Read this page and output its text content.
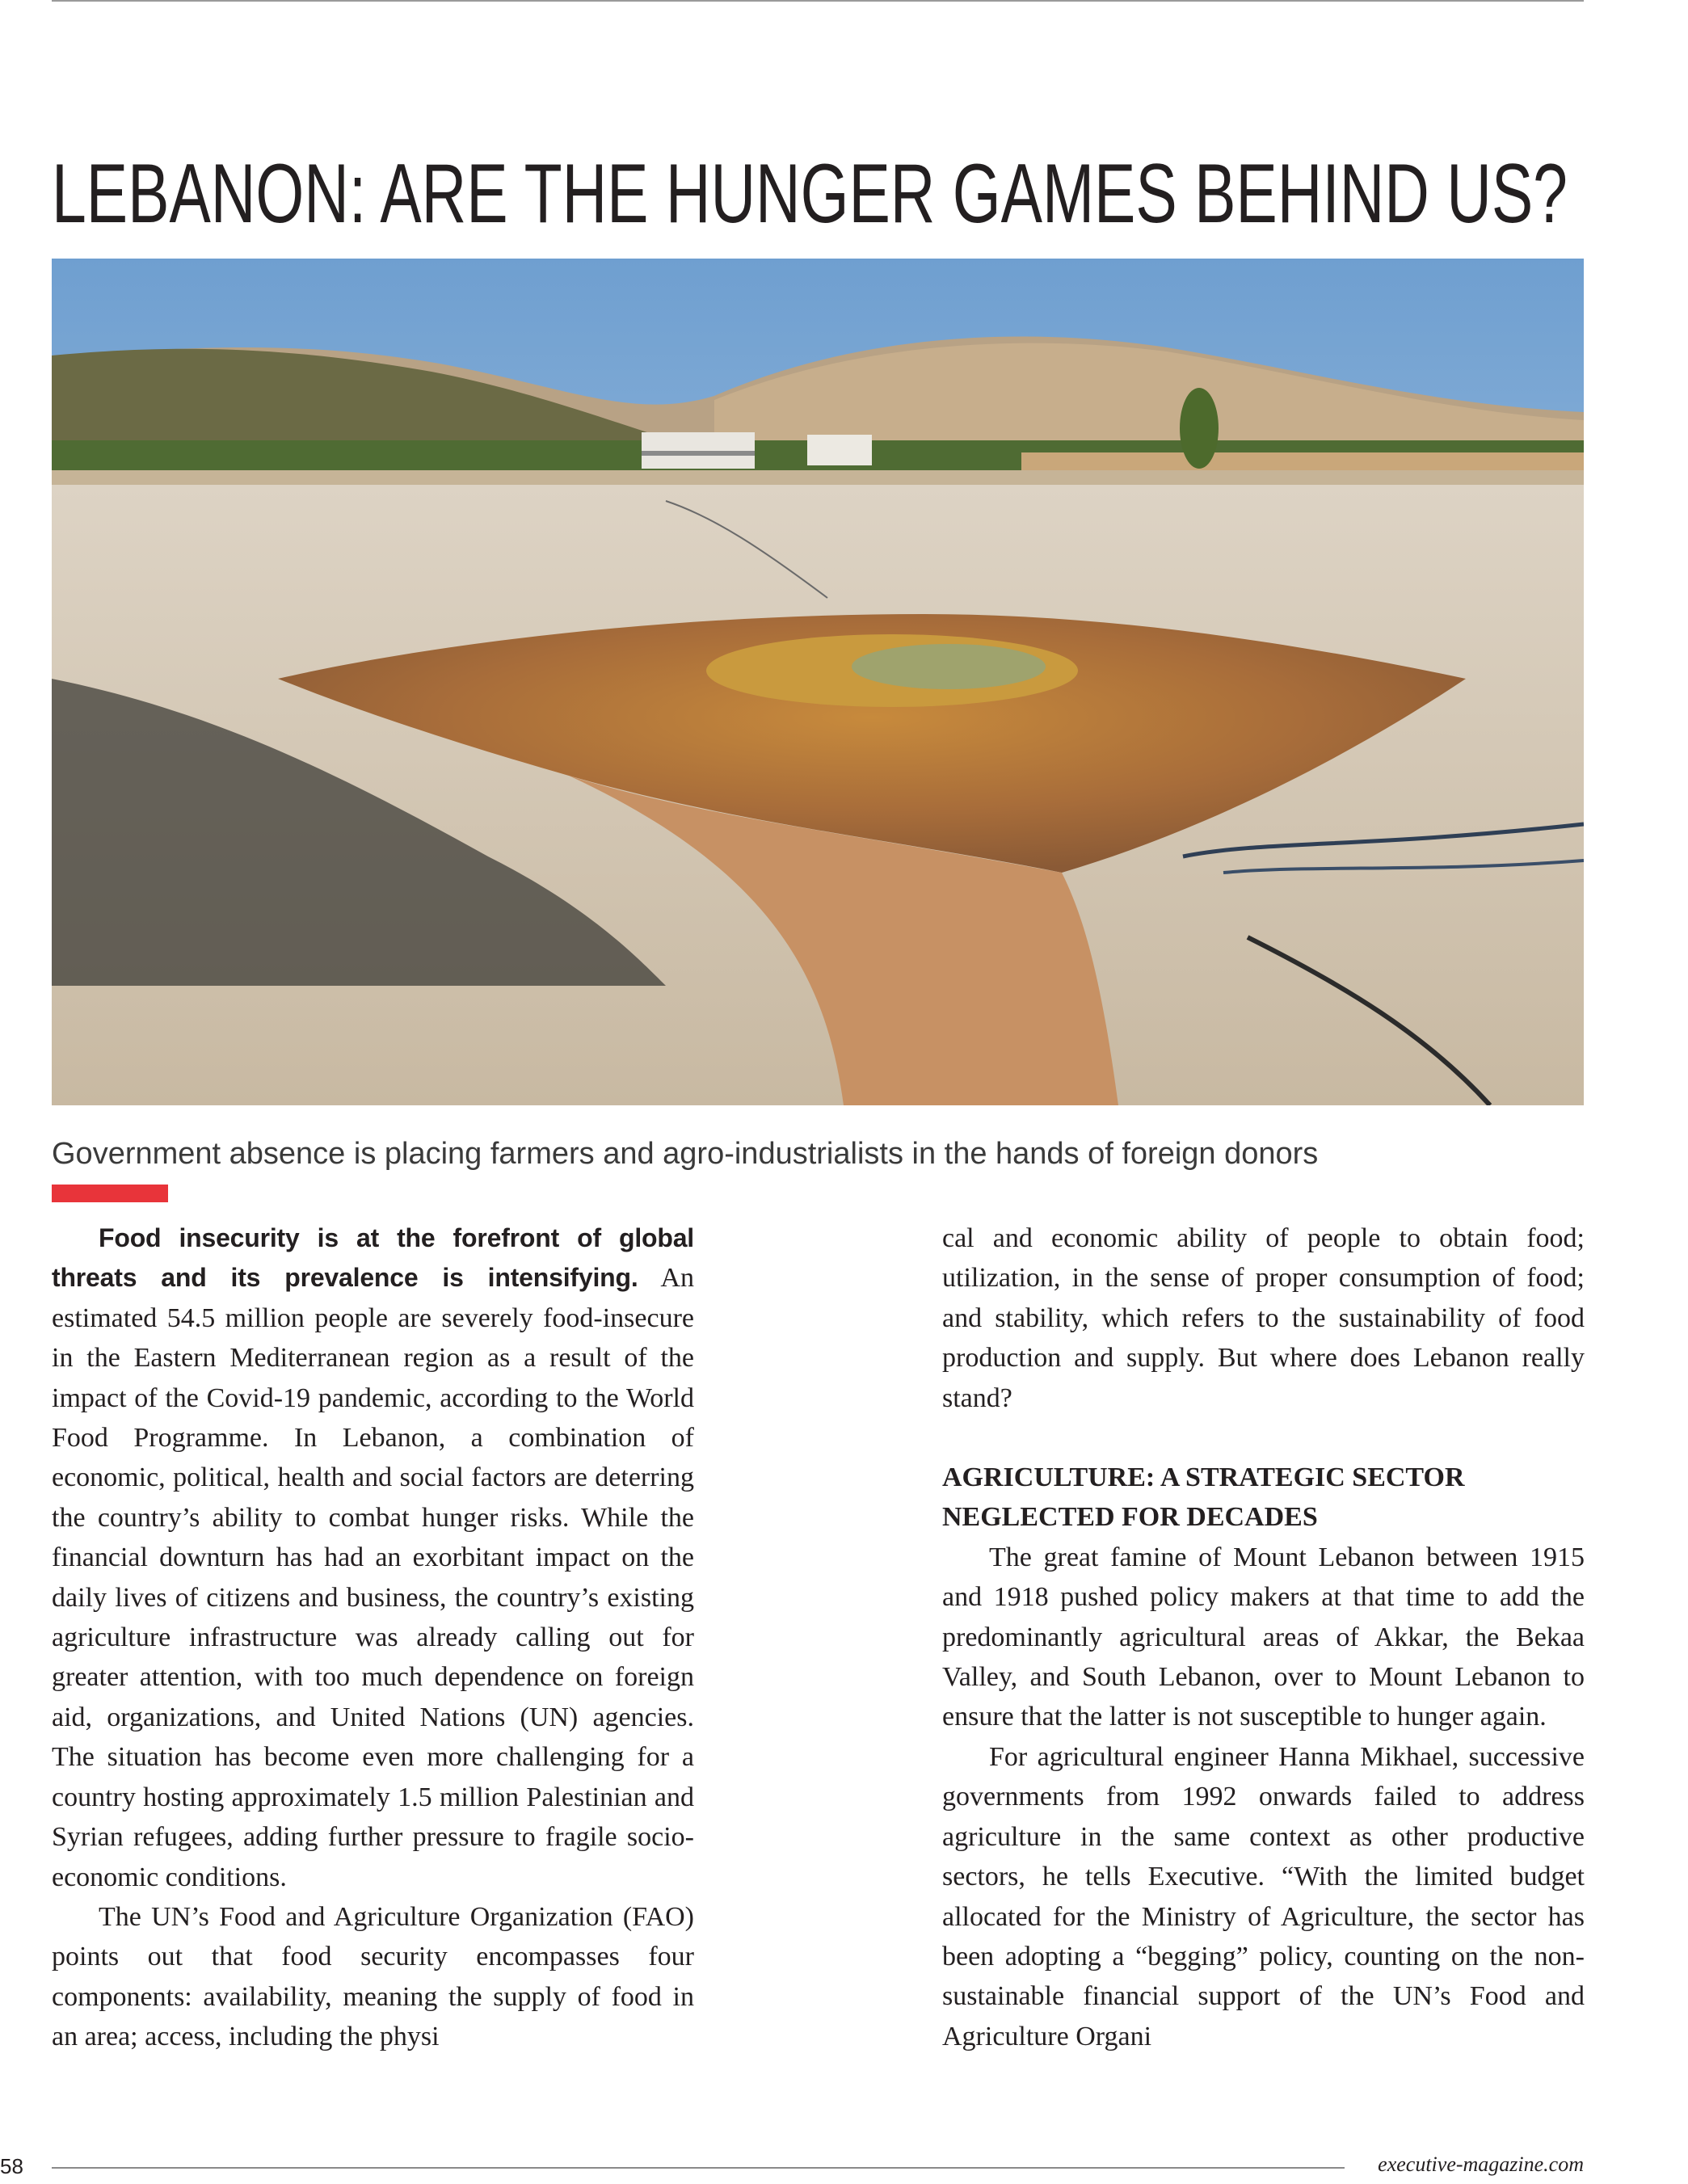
LEBANON: ARE THE HUNGER GAMES BEHIND US?

Government absence is placing farmers and agro-industrialists in the hands of foreign donors

Food insecurity is at the forefront of global threats and its prevalence is intensifying. An estimated 54.5 million people are severely food-insecure in the Eastern Mediterranean region as a result of the impact of the Covid-19 pandemic, according to the World Food Programme. In Lebanon, a combination of economic, political, health and social factors are deterring the country’s ability to combat hunger risks. While the financial downturn has had an exorbitant impact on the daily lives of citizens and business, the country’s existing agriculture infrastructure was already calling out for greater attention, with too much dependence on foreign aid, organizations, and United Nations (UN) agencies. The situation has become even more challenging for a country hosting approximately 1.5 million Palestinian and Syrian refugees, adding further pressure to fragile socio-economic conditions.

The UN’s Food and Agriculture Organization (FAO) points out that food security encompasses four components: availability, meaning the supply of food in an area; access, including the physi

cal and economic ability of people to obtain food; utilization, in the sense of proper consumption of food; and stability, which refers to the sustainability of food production and supply. But where does Lebanon really stand?

AGRICULTURE: A STRATEGIC SECTOR NEGLECTED FOR DECADES

The great famine of Mount Lebanon between 1915 and 1918 pushed policy makers at that time to add the predominantly agricultural areas of Akkar, the Bekaa Valley, and South Lebanon, over to Mount Lebanon to ensure that the latter is not susceptible to hunger again.

For agricultural engineer Hanna Mikhael, successive governments from 1992 onwards failed to address agriculture in the same context as other productive sectors, he tells Executive. “With the limited budget allocated for the Ministry of Agriculture, the sector has been adopting a “begging” policy, counting on the non-sustainable financial support of the UN’s Food and Agriculture Organi

58	executive-magazine.com
